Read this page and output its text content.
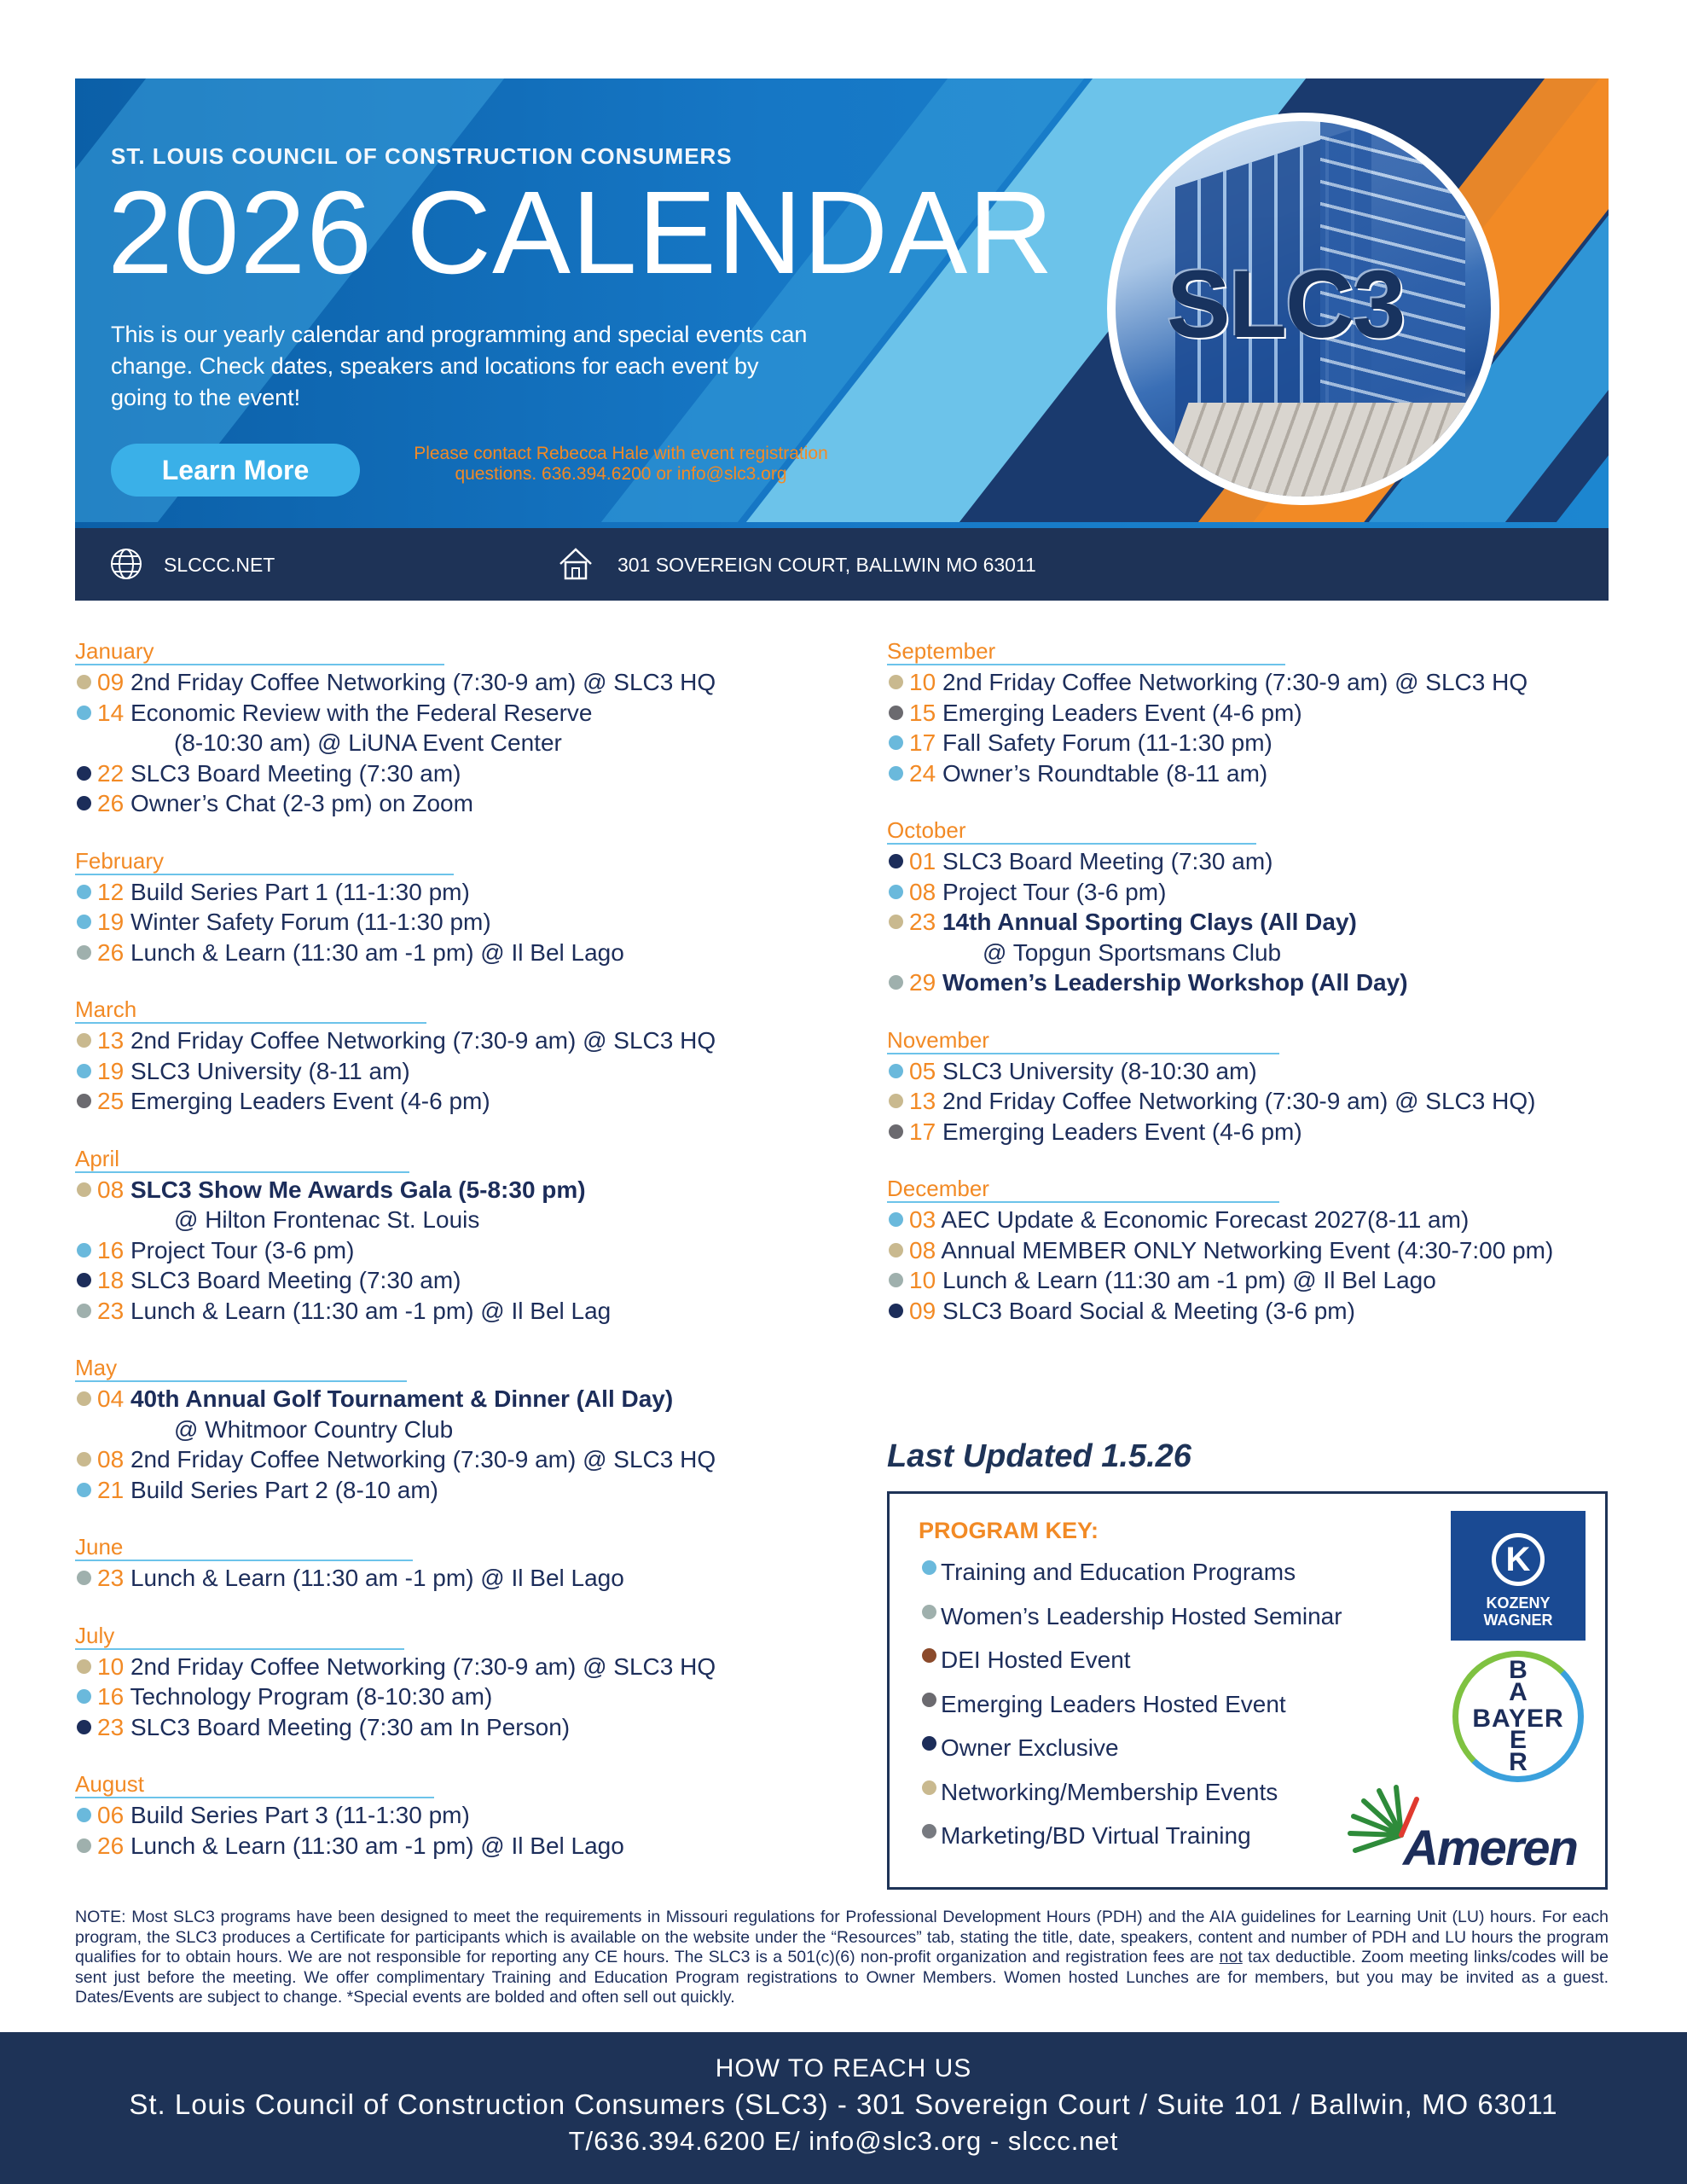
ST. LOUIS COUNCIL OF CONSTRUCTION CONSUMERS
2026 CALENDAR
This is our yearly calendar and programming and special events can change. Check dates, speakers and locations for each event by going to the event!
Learn More
Please contact Rebecca Hale with event registration questions. 636.394.6200 or info@slc3.org
SLC3
SLCCC.NET	301 SOVEREIGN COURT, BALLWIN MO 63011
January
09 2nd Friday Coffee Networking (7:30-9 am) @ SLC3 HQ
14 Economic Review with the Federal Reserve
(8-10:30 am) @ LiUNA Event Center
22 SLC3 Board Meeting (7:30 am)
26 Owner’s Chat (2-3 pm) on Zoom
February
12 Build Series Part 1 (11-1:30 pm)
19 Winter Safety Forum (11-1:30 pm)
26 Lunch & Learn (11:30 am -1 pm) @ Il Bel Lago
March
13 2nd Friday Coffee Networking (7:30-9 am) @ SLC3 HQ
19 SLC3 University (8-11 am)
25 Emerging Leaders Event (4-6 pm)
April
08 SLC3 Show Me Awards Gala (5-8:30 pm)
@ Hilton Frontenac St. Louis
16 Project Tour (3-6 pm)
18 SLC3 Board Meeting (7:30 am)
23 Lunch & Learn (11:30 am -1 pm) @ Il Bel Lag
May
04 40th Annual Golf Tournament & Dinner (All Day)
@ Whitmoor Country Club
08 2nd Friday Coffee Networking (7:30-9 am) @ SLC3 HQ
21 Build Series Part 2 (8-10 am)
June
23 Lunch & Learn (11:30 am -1 pm) @ Il Bel Lago
July
10 2nd Friday Coffee Networking (7:30-9 am) @ SLC3 HQ
16 Technology Program (8-10:30 am)
23 SLC3 Board Meeting (7:30 am In Person)
August
06 Build Series Part 3 (11-1:30 pm)
26 Lunch & Learn (11:30 am -1 pm) @ Il Bel Lago
September
10 2nd Friday Coffee Networking (7:30-9 am) @ SLC3 HQ
15 Emerging Leaders Event (4-6 pm)
17 Fall Safety Forum (11-1:30 pm)
24 Owner’s Roundtable (8-11 am)
October
01 SLC3 Board Meeting (7:30 am)
08 Project Tour (3-6 pm)
23 14th Annual Sporting Clays (All Day)
@ Topgun Sportsmans Club
29 Women’s Leadership Workshop (All Day)
November
05 SLC3 University (8-10:30 am)
13 2nd Friday Coffee Networking (7:30-9 am) @ SLC3 HQ)
17 Emerging Leaders Event (4-6 pm)
December
03 AEC Update & Economic Forecast 2027(8-11 am)
08 Annual MEMBER ONLY Networking Event (4:30-7:00 pm)
10 Lunch & Learn (11:30 am -1 pm) @ Il Bel Lago
09 SLC3 Board Social & Meeting (3-6 pm)
Last Updated 1.5.26
PROGRAM KEY:
Training and Education Programs
Women’s Leadership Hosted Seminar
DEI Hosted Event
Emerging Leaders Hosted Event
Owner Exclusive
Networking/Membership Events
Marketing/BD Virtual Training
K
KOZENY
WAGNER
B
A
BAYER
E
R
Ameren
NOTE: Most SLC3 programs have been designed to meet the requirements in Missouri regulations for Professional Development Hours (PDH) and the AIA guidelines for Learning Unit (LU) hours. For each program, the SLC3 produces a Certificate for participants which is available on the website under the “Resources” tab, stating the title, date, speakers, content and number of PDH and LU hours the program qualifies for to obtain hours. We are not responsible for reporting any CE hours. The SLC3 is a 501(c)(6) non-profit organization and registration fees are not tax deductible. Zoom meeting links/codes will be sent just before the meeting. We offer complimentary Training and Education Program registrations to Owner Members. Women hosted Lunches are for members, but you may be invited as a guest. Dates/Events are subject to change. *Special events are bolded and often sell out quickly.
HOW TO REACH US
St. Louis Council of Construction Consumers (SLC3) - 301 Sovereign Court / Suite 101 / Ballwin, MO 63011
T/636.394.6200 E/ info@slc3.org - slccc.net
